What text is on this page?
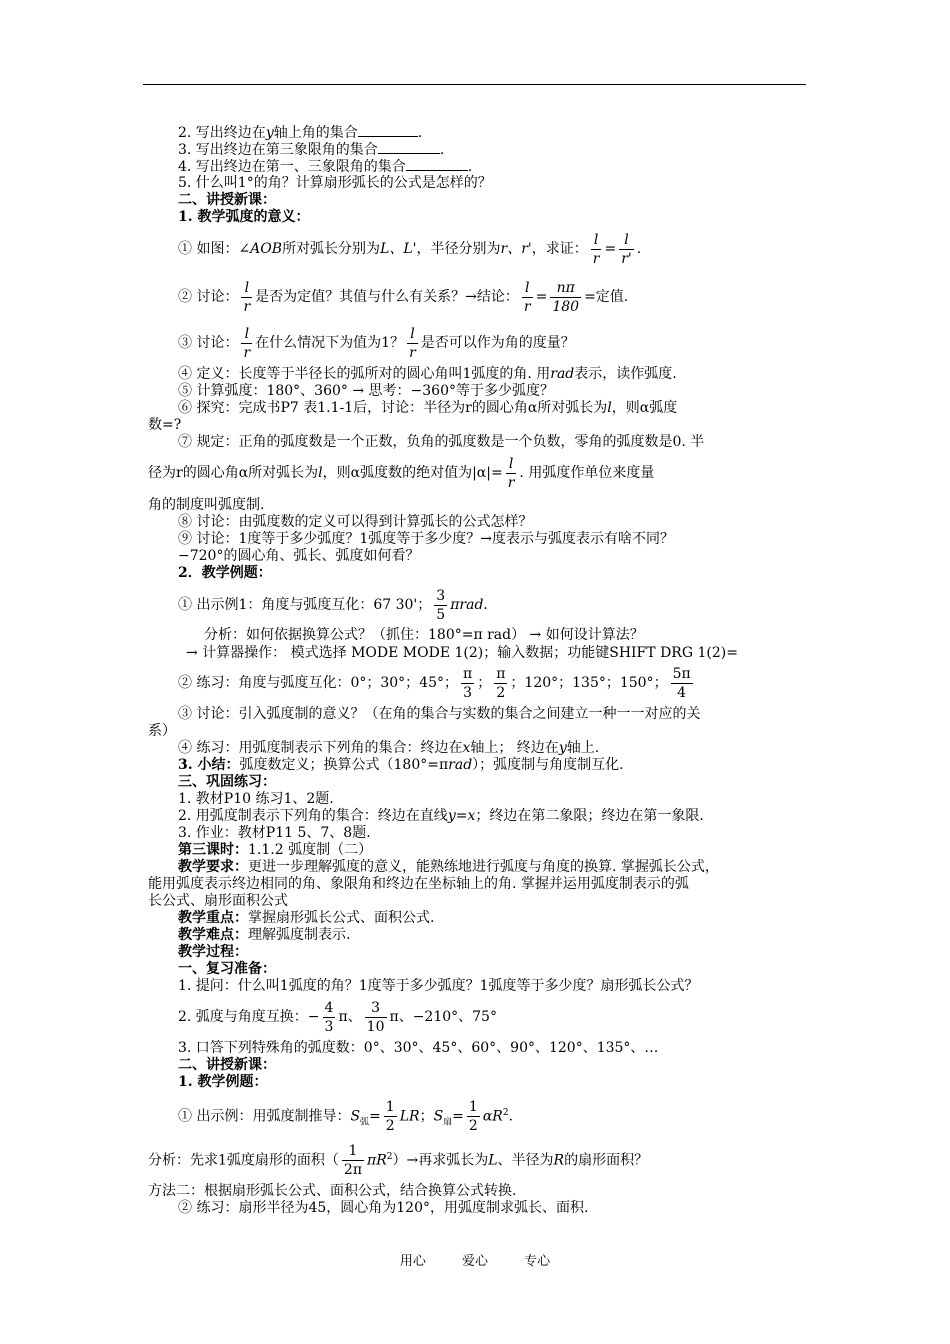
2. 写出终边在y轴上角的集合	.
3. 写出终边在第三象限角的集合	.
4. 写出终边在第一、三象限角的集合	.
5. 什么叫1°的角？计算扇形弧长的公式是怎样的？
二、讲授新课：
1. 教学弧度的意义：
① 如图：∠AOB所对弧长分别为L、L'，半径分别为r、r'，求证： $\frac{l}{r} = \frac{l}{r'}$ .
② 讨论： $\frac{l}{r}$ 是否为定值？其值与什么有关系？→结论： $\frac{l}{r} = \frac{n\pi}{180}$ =定值.
③ 讨论： $\frac{l}{r}$ 在什么情况下为值为1？ $\frac{l}{r}$ 是否可以作为角的度量？
④ 定义：长度等于半径长的弧所对的圆心角叫1弧度的角. 用rad表示，读作弧度.
⑤ 计算弧度：180°、360° → 思考：−360°等于多少弧度？
⑥ 探究：完成书P7 表1.1-1后，讨论：半径为r的圆心角α所对弧长为l，则α弧度
数=?
⑦ 规定：正角的弧度数是一个正数，负角的弧度数是一个负数，零角的弧度数是0. 半
径为r的圆心角α所对弧长为l，则α弧度数的绝对值为$|\alpha|= \frac{l}{r}$ . 用弧度作单位来度量
角的制度叫弧度制.
⑧ 讨论：由弧度数的定义可以得到计算弧长的公式怎样？
⑨ 讨论：1度等于多少弧度？1弧度等于多少度？→度表示与弧度表示有啥不同？
−720°的圆心角、弧长、弧度如何看？
2．教学例题：
① 出示例1：角度与弧度互化：67 30'； $\frac{3}{5} \pi rad$.
分析：如何依据换算公式？（抓住：180°=π rad） → 如何设计算法？
→ 计算器操作： 模式选择 MODE MODE 1(2)；输入数据；功能键SHIFT DRG 1(2)=
② 练习：角度与弧度互化：0°；30°；45°； $\frac{\pi}{3}$ ； $\frac{\pi}{2}$ ；120°；135°；150°； $\frac{5\pi}{4}$
③ 讨论：引入弧度制的意义？（在角的集合与实数的集合之间建立一种一一对应的关
系）
④ 练习：用弧度制表示下列角的集合：终边在x轴上； 终边在y轴上.
3. 小结：弧度数定义；换算公式（180°=πrad）；弧度制与角度制互化.
三、巩固练习：
1. 教材P10 练习1、2题.
2. 用弧度制表示下列角的集合：终边在直线y=x；终边在第二象限；终边在第一象限.
3. 作业：教材P11 5、7、8题.
第三课时：1.1.2 弧度制（二）
教学要求：更进一步理解弧度的意义，能熟练地进行弧度与角度的换算. 掌握弧长公式，
能用弧度表示终边相同的角、象限角和终边在坐标轴上的角. 掌握并运用弧度制表示的弧
长公式、扇形面积公式
教学重点：掌握扇形弧长公式、面积公式.
教学难点：理解弧度制表示.
教学过程：
一、复习准备：
1. 提问：什么叫1弧度的角？1度等于多少弧度？1弧度等于多少度？扇形弧长公式？
2. 弧度与角度互换：− $\frac{4}{3}$ π、 $\frac{3}{10}$ π、−210°、75°
3. 口答下列特殊角的弧度数：0°、30°、45°、60°、90°、120°、135°、…
二、讲授新课：
1. 教学例题：
① 出示例：用弧度制推导：$S_弧= \frac{1}{2}$ LR；$S_扇= \frac{1}{2} \alpha R^2$.
分析：先求1弧度扇形的面积（ $\frac{1}{2\pi} \pi R^2)\to$再求弧长为L、半径为R的扇形面积？
方法二：根据扇形弧长公式、面积公式，结合换算公式转换.
② 练习：扇形半径为45，圆心角为120°，用弧度制求弧长、面积.
用心	爱心	专心
